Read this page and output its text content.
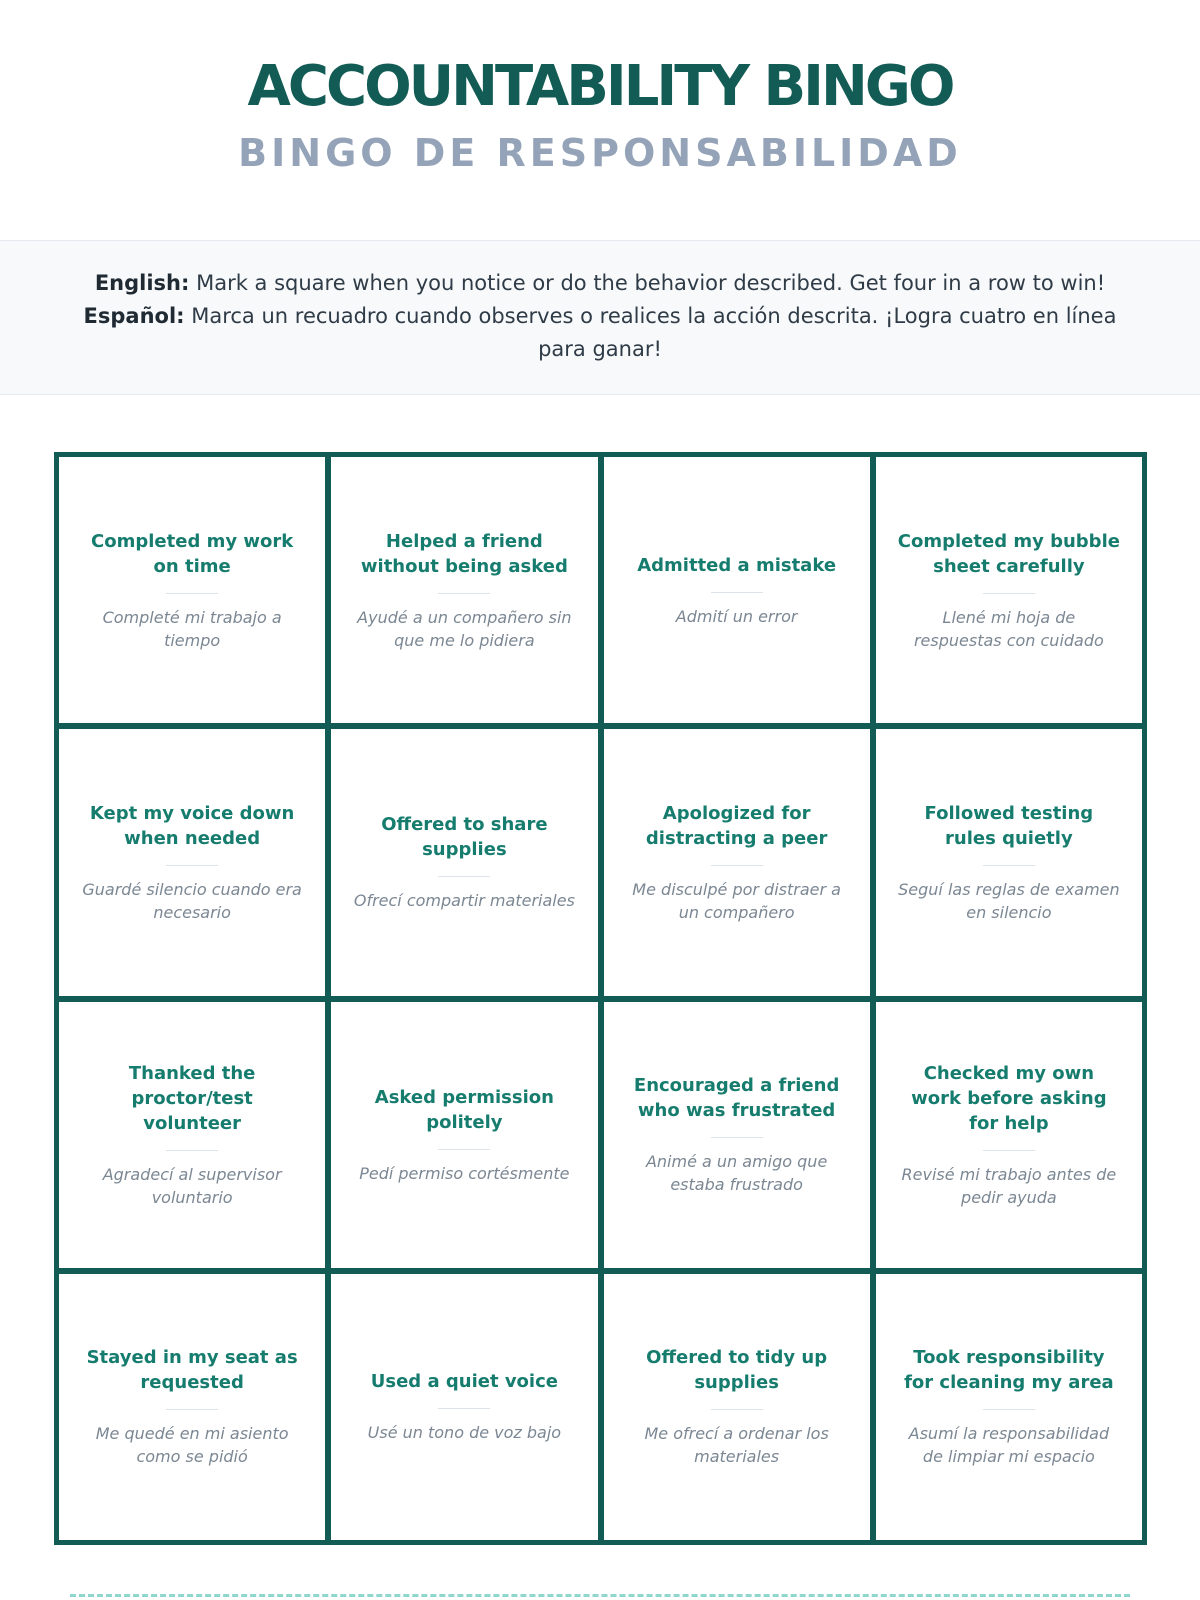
ACCOUNTABILITY BINGO
BINGO DE RESPONSABILIDAD
English: Mark a square when you notice or do the behavior described. Get four in a row to win!
Español: Marca un recuadro cuando observes o realices la acción descrita. ¡Logra cuatro en línea para ganar!
Completed my work on time
Completé mi trabajo a tiempo
Helped a friend without being asked
Ayudé a un compañero sin que me lo pidiera
Admitted a mistake
Admití un error
Completed my bubble sheet carefully
Llené mi hoja de respuestas con cuidado
Kept my voice down when needed
Guardé silencio cuando era necesario
Offered to share supplies
Ofrecí compartir materiales
Apologized for distracting a peer
Me disculpé por distraer a un compañero
Followed testing rules quietly
Seguí las reglas de examen en silencio
Thanked the proctor/test volunteer
Agradecí al supervisor voluntario
Asked permission politely
Pedí permiso cortésmente
Encouraged a friend who was frustrated
Animé a un amigo que estaba frustrado
Checked my own work before asking for help
Revisé mi trabajo antes de pedir ayuda
Stayed in my seat as requested
Me quedé en mi asiento como se pidió
Used a quiet voice
Usé un tono de voz bajo
Offered to tidy up supplies
Me ofrecí a ordenar los materiales
Took responsibility for cleaning my area
Asumí la responsabilidad de limpiar mi espacio
